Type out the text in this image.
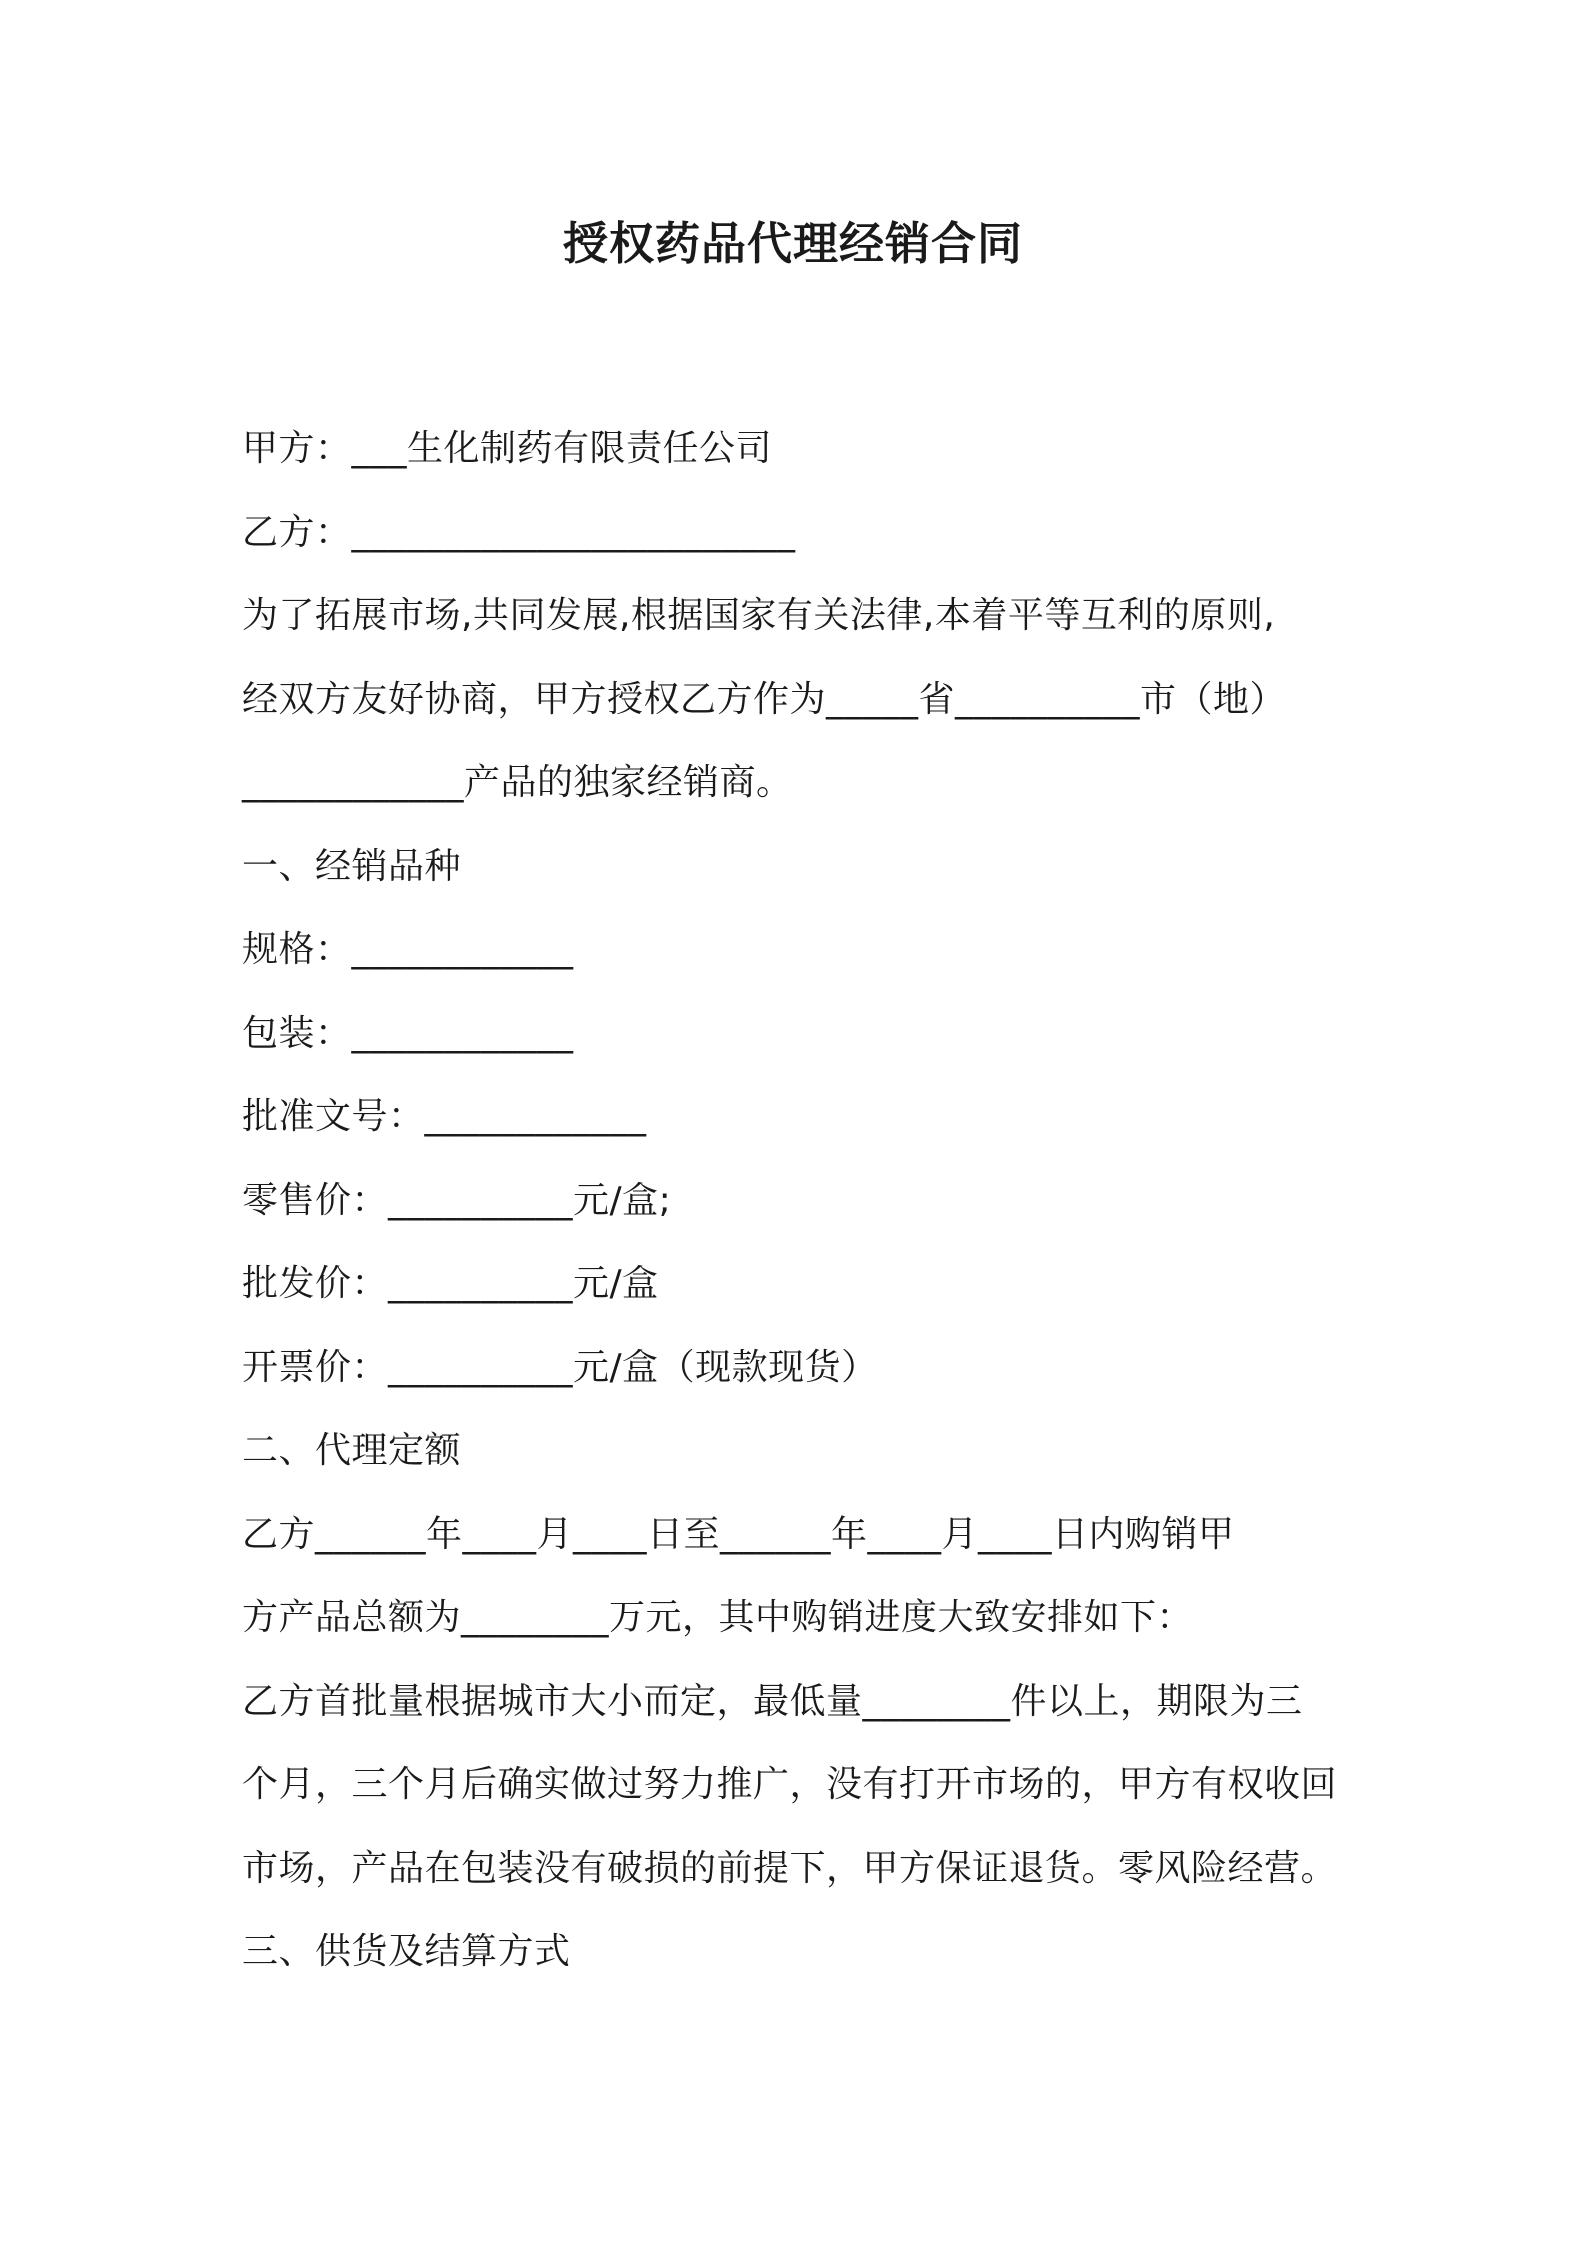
授权药品代理经销合同
甲方：___生化制药有限责任公司
乙方：________________________
为了拓展市场,共同发展,根据国家有关法律,本着平等互利的原则,
经双方友好协商，甲方授权乙方作为_____省__________市（地）
____________产品的独家经销商。
一、经销品种
规格：____________
包装：____________
批准文号：____________
零售价：__________元/盒;
批发价：__________元/盒
开票价：__________元/盒（现款现货）
二、代理定额
乙方______年____月____日至______年____月____日内购销甲
方产品总额为________万元，其中购销进度大致安排如下：
乙方首批量根据城市大小而定，最低量________件以上，期限为三
个月，三个月后确实做过努力推广，没有打开市场的，甲方有权收回
市场，产品在包装没有破损的前提下，甲方保证退货。零风险经营。
三、供货及结算方式
